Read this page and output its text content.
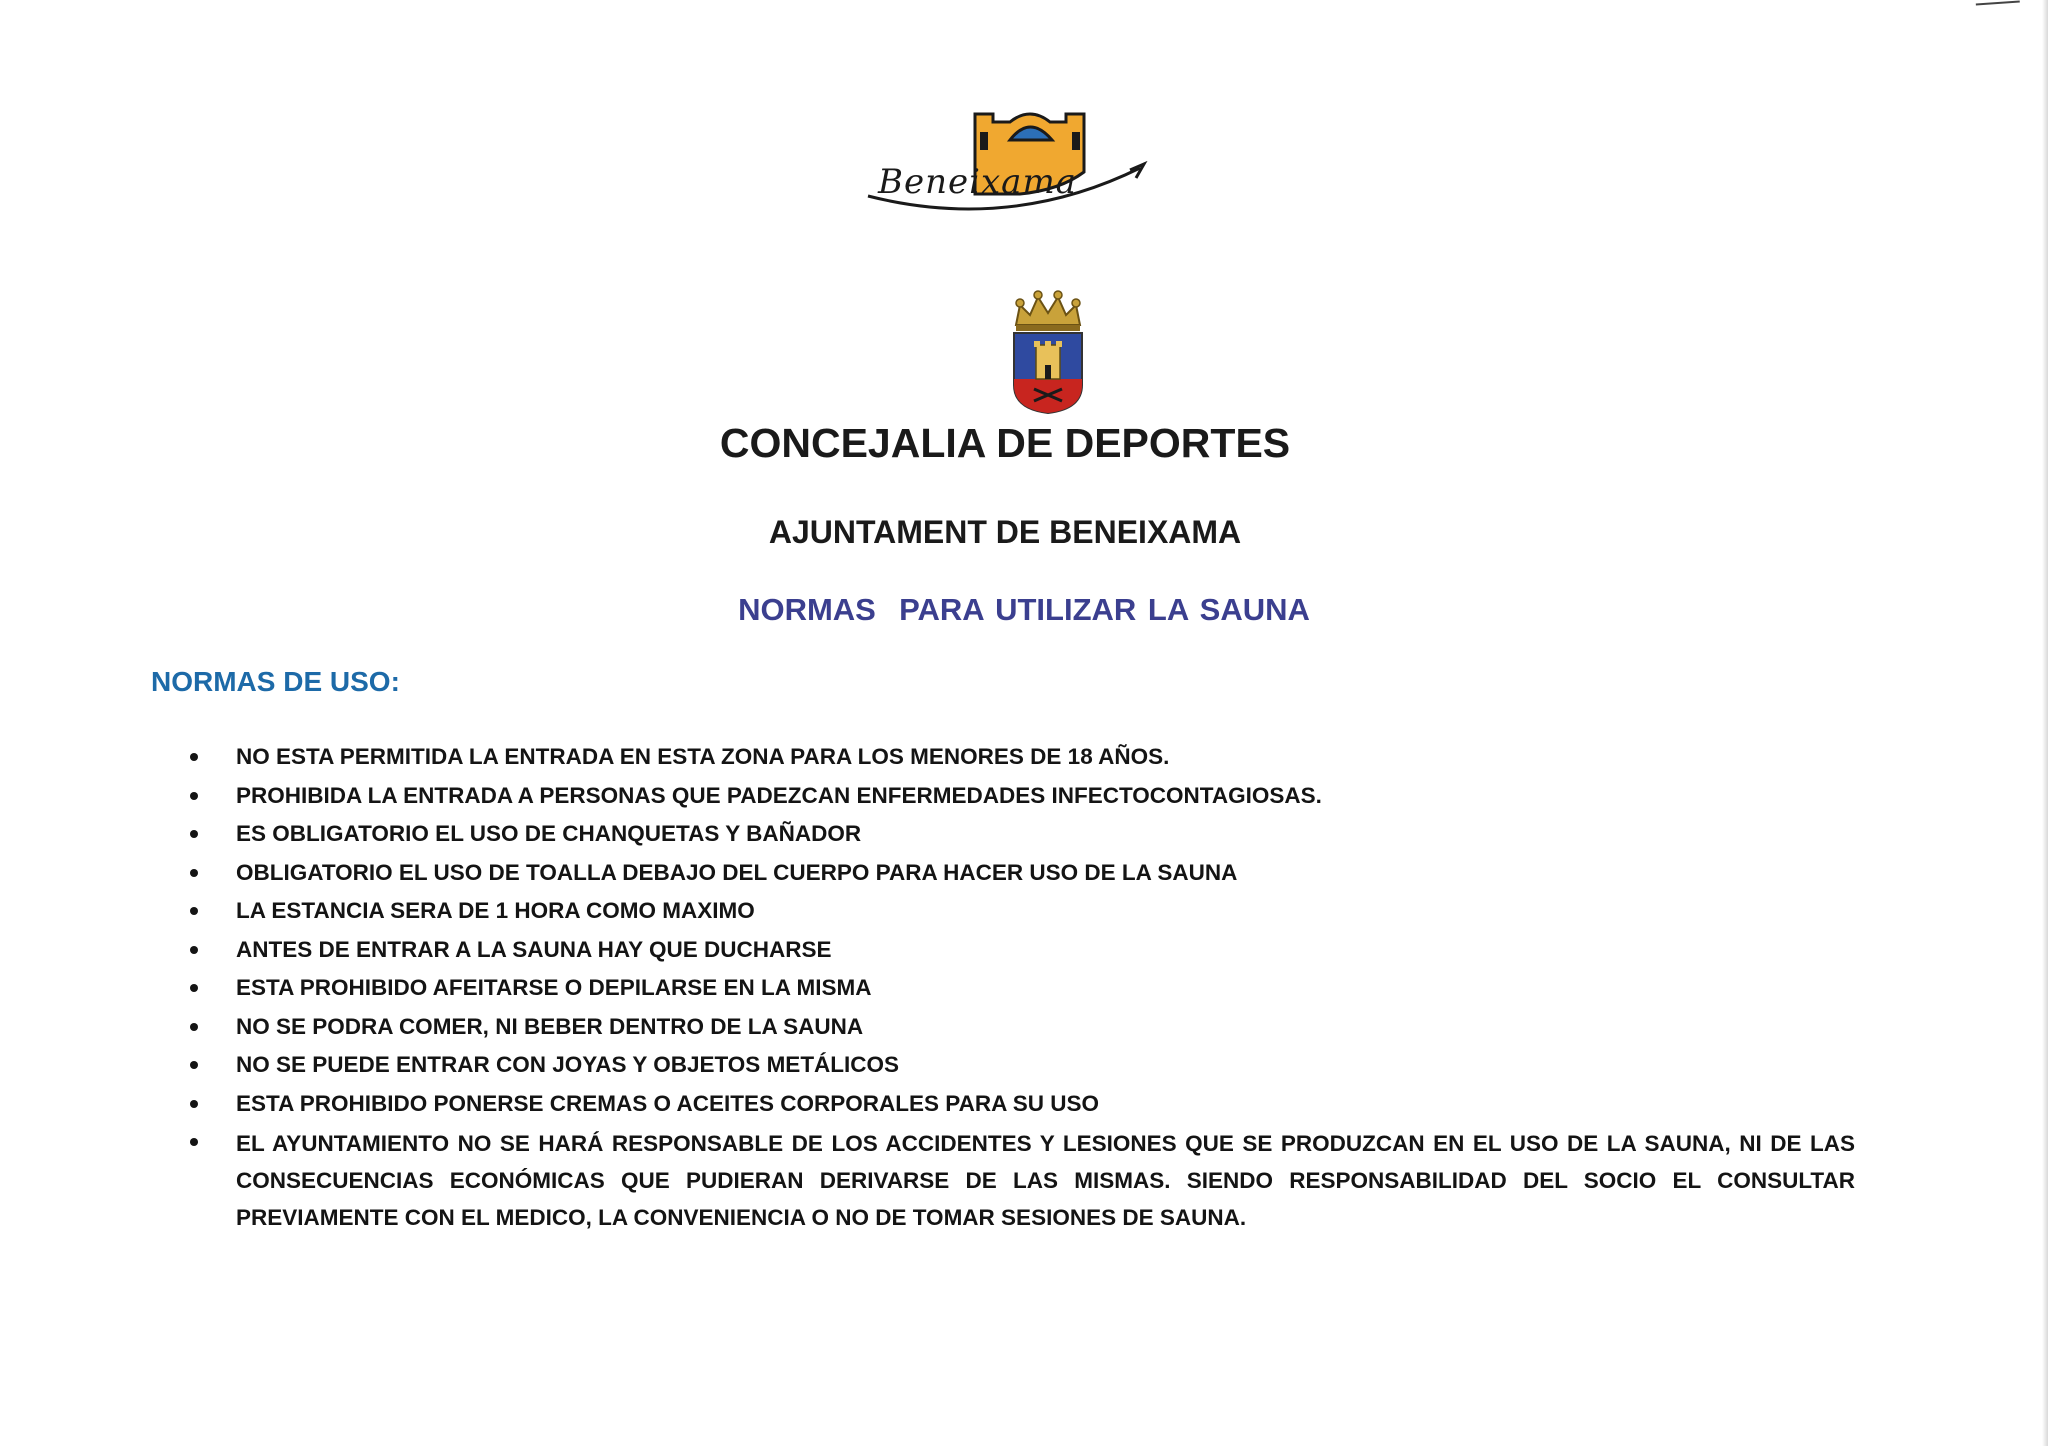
Beneixama
CONCEJALIA DE DEPORTES
AJUNTAMENT DE BENEIXAMA
NORMAS  PARA UTILIZAR LA SAUNA
NORMAS DE USO:
NO ESTA PERMITIDA LA ENTRADA EN ESTA ZONA PARA LOS MENORES DE 18 AÑOS.
PROHIBIDA LA ENTRADA A PERSONAS QUE PADEZCAN ENFERMEDADES INFECTOCONTAGIOSAS.
ES OBLIGATORIO EL USO DE CHANQUETAS Y BAÑADOR
OBLIGATORIO EL USO DE TOALLA DEBAJO DEL CUERPO PARA HACER USO DE LA SAUNA
LA ESTANCIA SERA DE 1 HORA COMO MAXIMO
ANTES DE ENTRAR A LA SAUNA HAY QUE DUCHARSE
ESTA PROHIBIDO AFEITARSE O DEPILARSE EN LA MISMA
NO SE PODRA COMER, NI BEBER DENTRO DE LA SAUNA
NO SE PUEDE ENTRAR CON JOYAS Y OBJETOS METÁLICOS
ESTA PROHIBIDO PONERSE CREMAS O ACEITES CORPORALES PARA SU USO
EL AYUNTAMIENTO NO SE HARÁ RESPONSABLE DE LOS ACCIDENTES Y LESIONES QUE SE PRODUZCAN EN EL USO DE LA SAUNA, NI DE LAS CONSECUENCIAS ECONÓMICAS QUE PUDIERAN DERIVARSE DE LAS MISMAS. SIENDO RESPONSABILIDAD DEL SOCIO EL CONSULTAR PREVIAMENTE CON EL MEDICO, LA CONVENIENCIA O NO DE TOMAR SESIONES DE SAUNA.
